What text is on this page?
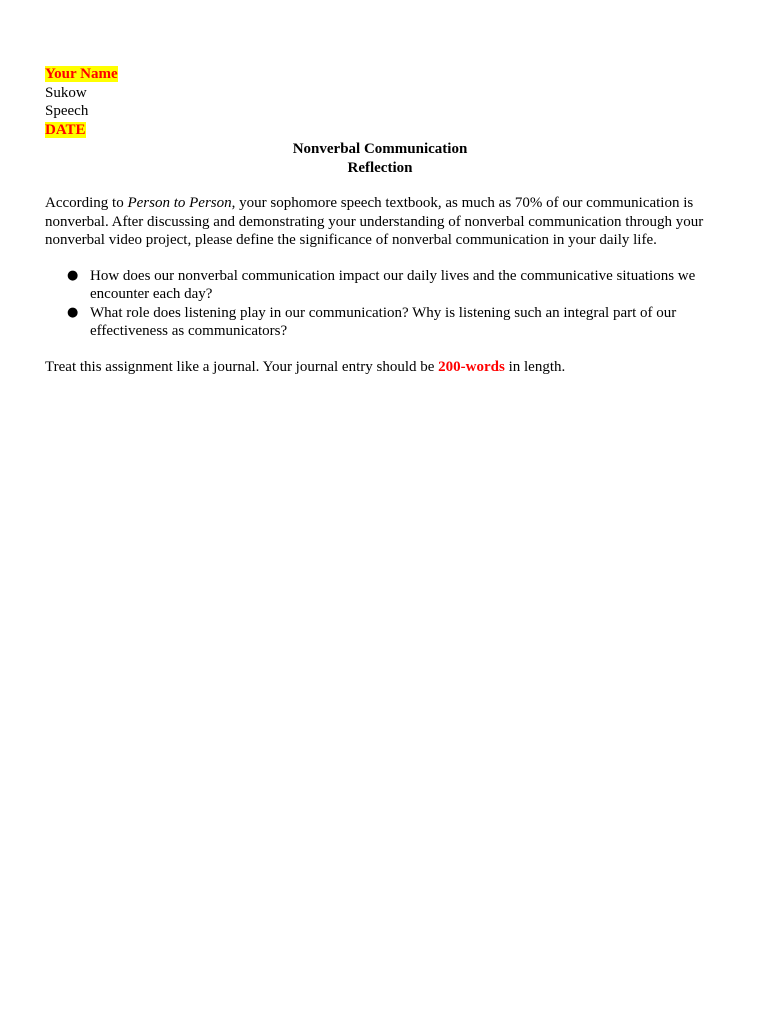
Your Name
Sukow
Speech
DATE
Nonverbal Communication
Reflection
According to Person to Person, your sophomore speech textbook, as much as 70% of our communication is nonverbal. After discussing and demonstrating your understanding of nonverbal communication through your nonverbal video project, please define the significance of nonverbal communication in your daily life.
● How does our nonverbal communication impact our daily lives and the communicative situations we encounter each day?
● What role does listening play in our communication? Why is listening such an integral part of our effectiveness as communicators?
Treat this assignment like a journal. Your journal entry should be 200-words in length.
